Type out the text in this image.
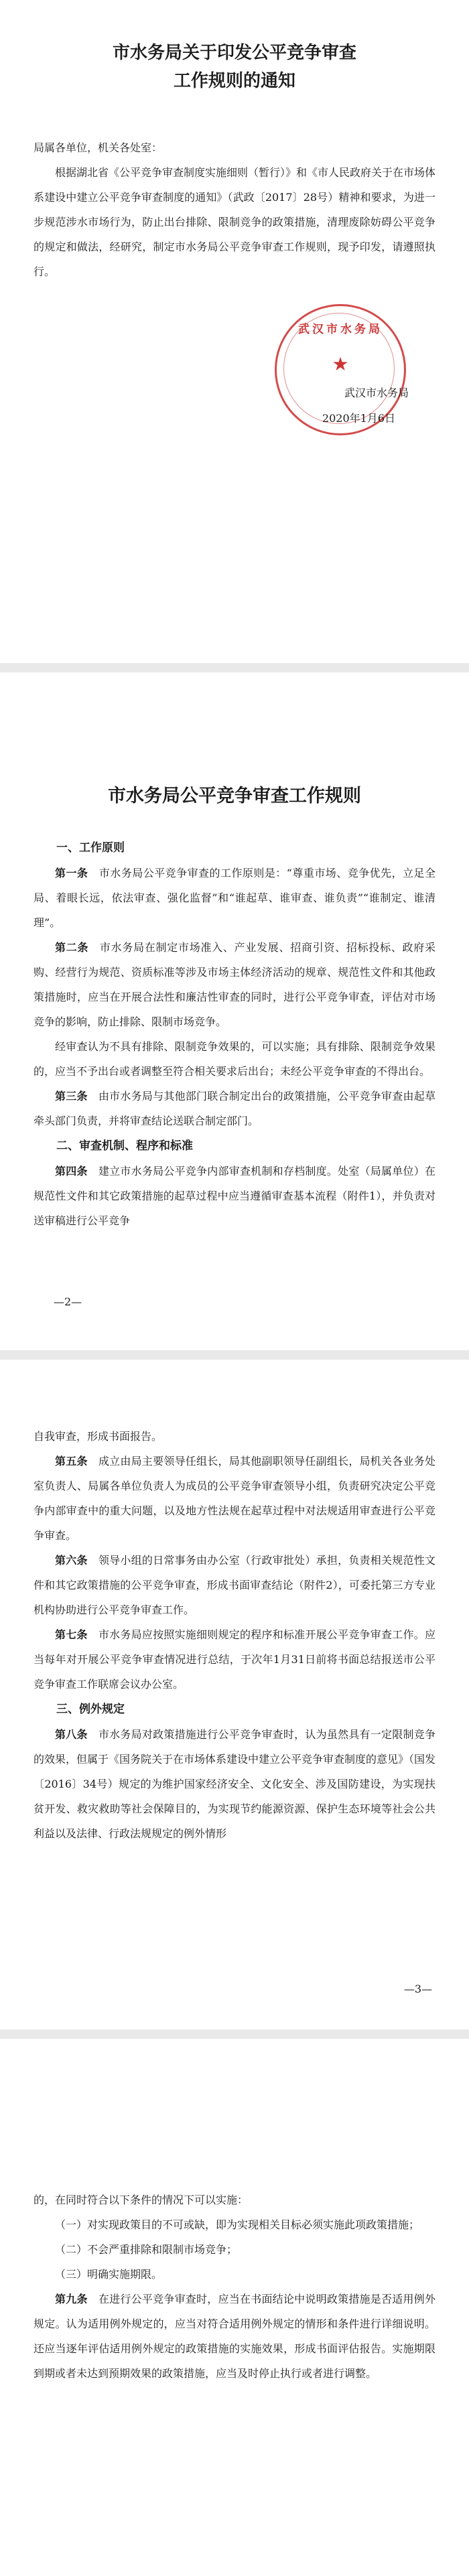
市水务局关于印发公平竞争审查

工作规则的通知

局属各单位，机关各处室：

根据湖北省《公平竞争审查制度实施细则（暂行）》和《市人民政府关于在市场体系建设中建立公平竞争审查制度的通知》（武政〔2017〕28号）精神和要求，为进一步规范涉水市场行为，防止出台排除、限制竞争的政策措施，清理废除妨碍公平竞争的规定和做法，经研究，制定市水务局公平竞争审查工作规则，现予印发，请遵照执行。

武汉市水务局
★
武汉市水务局
2020年1月6日

市水务局公平竞争审查工作规则

一、工作原则

第一条　 市水务局公平竞争审查的工作原则是：“尊重市场、竞争优先，立足全局、着眼长远，依法审查、强化监督”和“谁起草、谁审查、谁负责”“谁制定、谁清理”。

第二条　 市水务局在制定市场准入、产业发展、招商引资、招标投标、政府采购、经营行为规范、资质标准等涉及市场主体经济活动的规章、规范性文件和其他政策措施时，应当在开展合法性和廉洁性审查的同时，进行公平竞争审查，评估对市场竞争的影响，防止排除、限制市场竞争。

经审查认为不具有排除、限制竞争效果的，可以实施；具有排除、限制竞争效果的，应当不予出台或者调整至符合相关要求后出台；未经公平竞争审查的不得出台。

第三条　 由市水务局与其他部门联合制定出台的政策措施，公平竞争审查由起草牵头部门负责，并将审查结论送联合制定部门。

二、审查机制、程序和标准

第四条　 建立市水务局公平竞争内部审查机制和存档制度。处室（局属单位）在规范性文件和其它政策措施的起草过程中应当遵循审查基本流程（附件1），并负责对送审稿进行公平竞争

—2—

自我审查，形成书面报告。

第五条　 成立由局主要领导任组长，局其他副职领导任副组长，局机关各业务处室负责人、局属各单位负责人为成员的公平竞争审查领导小组，负责研究决定公平竞争内部审查中的重大问题，以及地方性法规在起草过程中对法规适用审查进行公平竞争审查。

第六条　 领导小组的日常事务由办公室（行政审批处）承担，负责相关规范性文件和其它政策措施的公平竞争审查，形成书面审查结论（附件2），可委托第三方专业机构协助进行公平竞争审查工作。

第七条　 市水务局应按照实施细则规定的程序和标准开展公平竞争审查工作。应当每年对开展公平竞争审查情况进行总结，于次年1月31日前将书面总结报送市公平竞争审查工作联席会议办公室。

三、例外规定

第八条　 市水务局对政策措施进行公平竞争审查时，认为虽然具有一定限制竞争的效果，但属于《国务院关于在市场体系建设中建立公平竞争审查制度的意见》（国发〔2016〕34号）规定的为维护国家经济安全、文化安全、涉及国防建设，为实现扶贫开发、救灾救助等社会保障目的，为实现节约能源资源、保护生态环境等社会公共利益以及法律、行政法规规定的例外情形

—3—

的，在同时符合以下条件的情况下可以实施：

（一）对实现政策目的不可或缺，即为实现相关目标必须实施此项政策措施；

（二）不会严重排除和限制市场竞争；

（三）明确实施期限。

第九条　 在进行公平竞争审查时，应当在书面结论中说明政策措施是否适用例外规定。认为适用例外规定的，应当对符合适用例外规定的情形和条件进行详细说明。还应当逐年评估适用例外规定的政策措施的实施效果，形成书面评估报告。实施期限到期或者未达到预期效果的政策措施，应当及时停止执行或者进行调整。
